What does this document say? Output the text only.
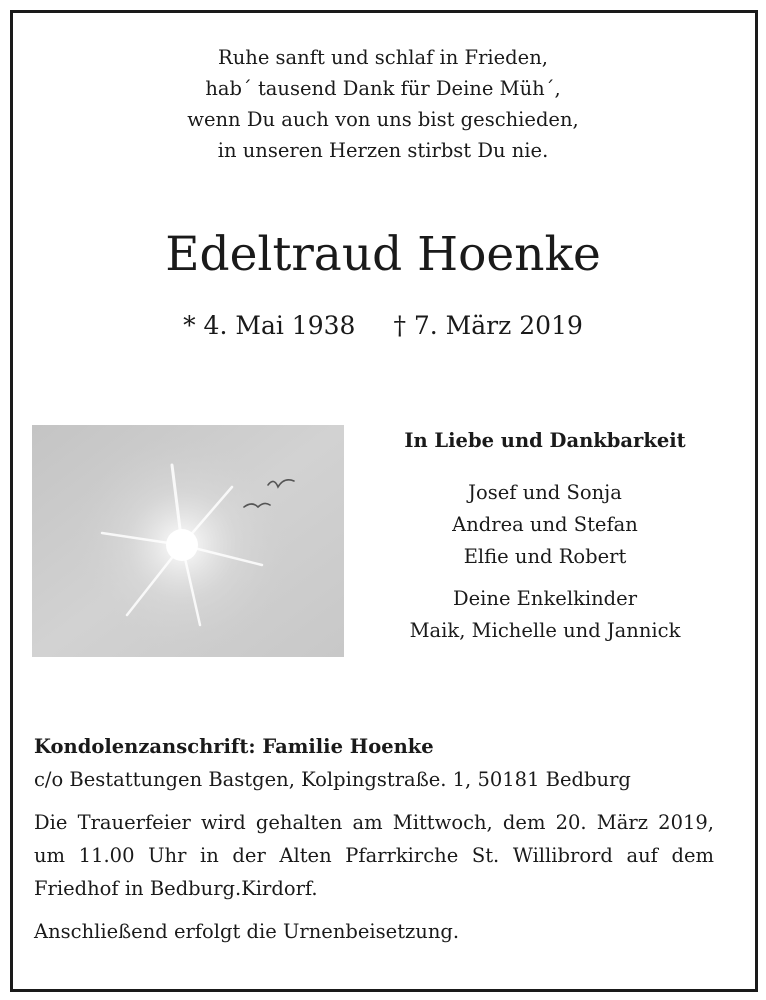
Ruhe sanft und schlaf in Frieden,
hab´ tausend Dank für Deine Müh´,
wenn Du auch von uns bist geschieden,
in unseren Herzen stirbst Du nie.
Edeltraud Hoenke
* 4. Mai 1938 † 7. März 2019
In Liebe und Dankbarkeit
Josef und Sonja
Andrea und Stefan
Elfie und Robert
Deine Enkelkinder
Maik, Michelle und Jannick
Kondolenzanschrift: Familie Hoenke
c/o Bestattungen Bastgen, Kolpingstraße. 1, 50181 Bedburg
Die Trauerfeier wird gehalten am Mittwoch, dem 20. März 2019, um 11.00 Uhr in der Alten Pfarrkirche St. Willibrord auf dem Friedhof in Bedburg.Kirdorf.
Anschließend erfolgt die Urnenbeisetzung.
